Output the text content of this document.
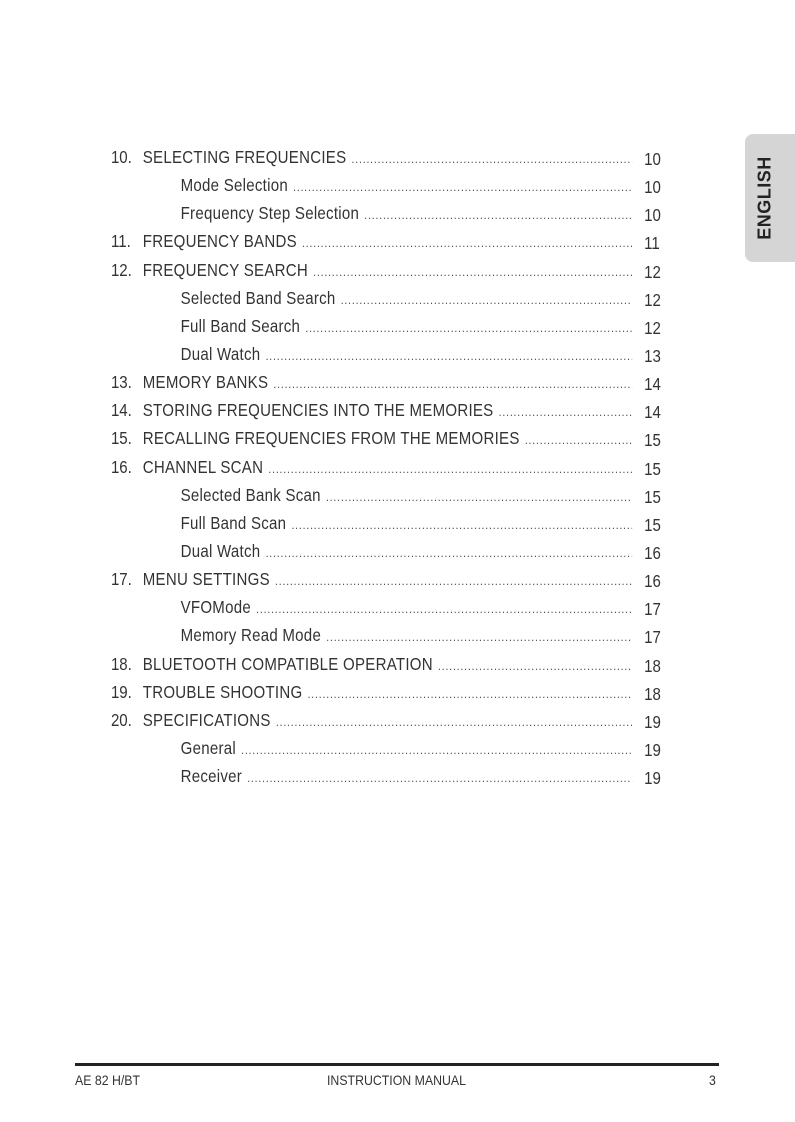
ENGLISH
10. SELECTING FREQUENCIES .....	10
Mode Selection .....	10
Frequency Step Selection .....	10
11. FREQUENCY BANDS .....	11
12. FREQUENCY SEARCH .....	12
Selected Band Search .....	12
Full Band Search .....	12
Dual Watch .....	13
13. MEMORY BANKS .....	14
14. STORING FREQUENCIES INTO THE MEMORIES .....	14
15. RECALLING FREQUENCIES FROM THE MEMORIES .....	15
16. CHANNEL SCAN .....	15
Selected Bank Scan .....	15
Full Band Scan .....	15
Dual Watch .....	16
17. MENU SETTINGS .....	16
VFOMode .....	17
Memory Read Mode .....	17
18. BLUETOOTH COMPATIBLE OPERATION .....	18
19. TROUBLE SHOOTING .....	18
20. SPECIFICATIONS .....	19
General .....	19
Receiver .....	19
AE 82 H/BT	INSTRUCTION MANUAL	3
